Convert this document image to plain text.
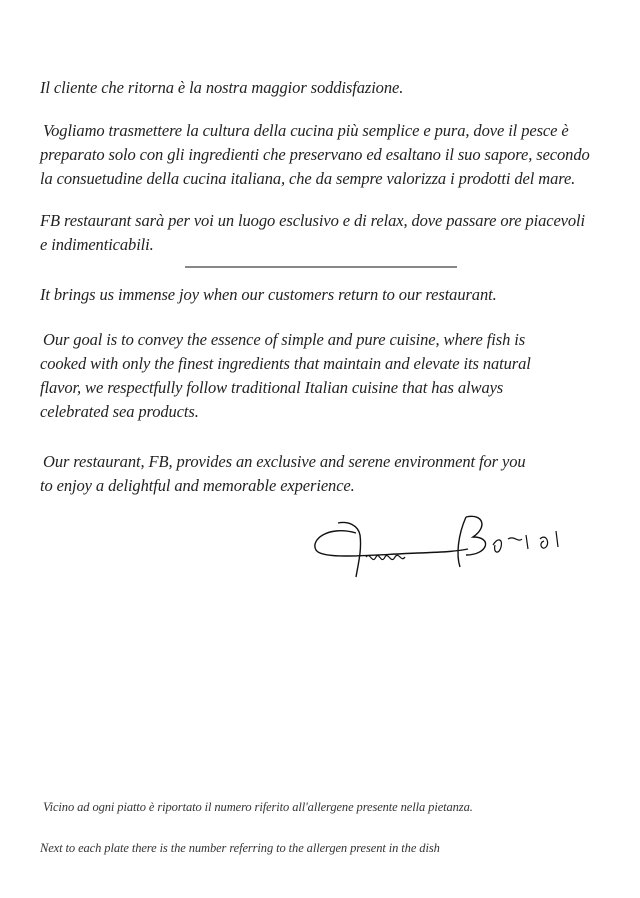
Il cliente che ritorna è la nostra maggior soddisfazione.
Vogliamo trasmettere la cultura della cucina più semplice e pura, dove il pesce è
preparato solo con gli ingredienti che preservano ed esaltano il suo sapore, secondo
la consuetudine della cucina italiana, che da sempre valorizza i prodotti del mare.
FB restaurant sarà per voi un luogo esclusivo e di relax, dove passare ore piacevoli
e indimenticabili.
It brings us immense joy when our customers return to our restaurant.
Our goal is to convey the essence of simple and pure cuisine, where fish is
cooked with only the finest ingredients that maintain and elevate its natural
flavor, we respectfully follow traditional Italian cuisine that has always
celebrated sea products.
Our restaurant, FB, provides an exclusive and serene environment for you
to enjoy a delightful and memorable experience.
Vicino ad ogni piatto è riportato il numero riferito all'allergene presente nella pietanza.
Next to each plate there is the number referring to the allergen present in the dish
